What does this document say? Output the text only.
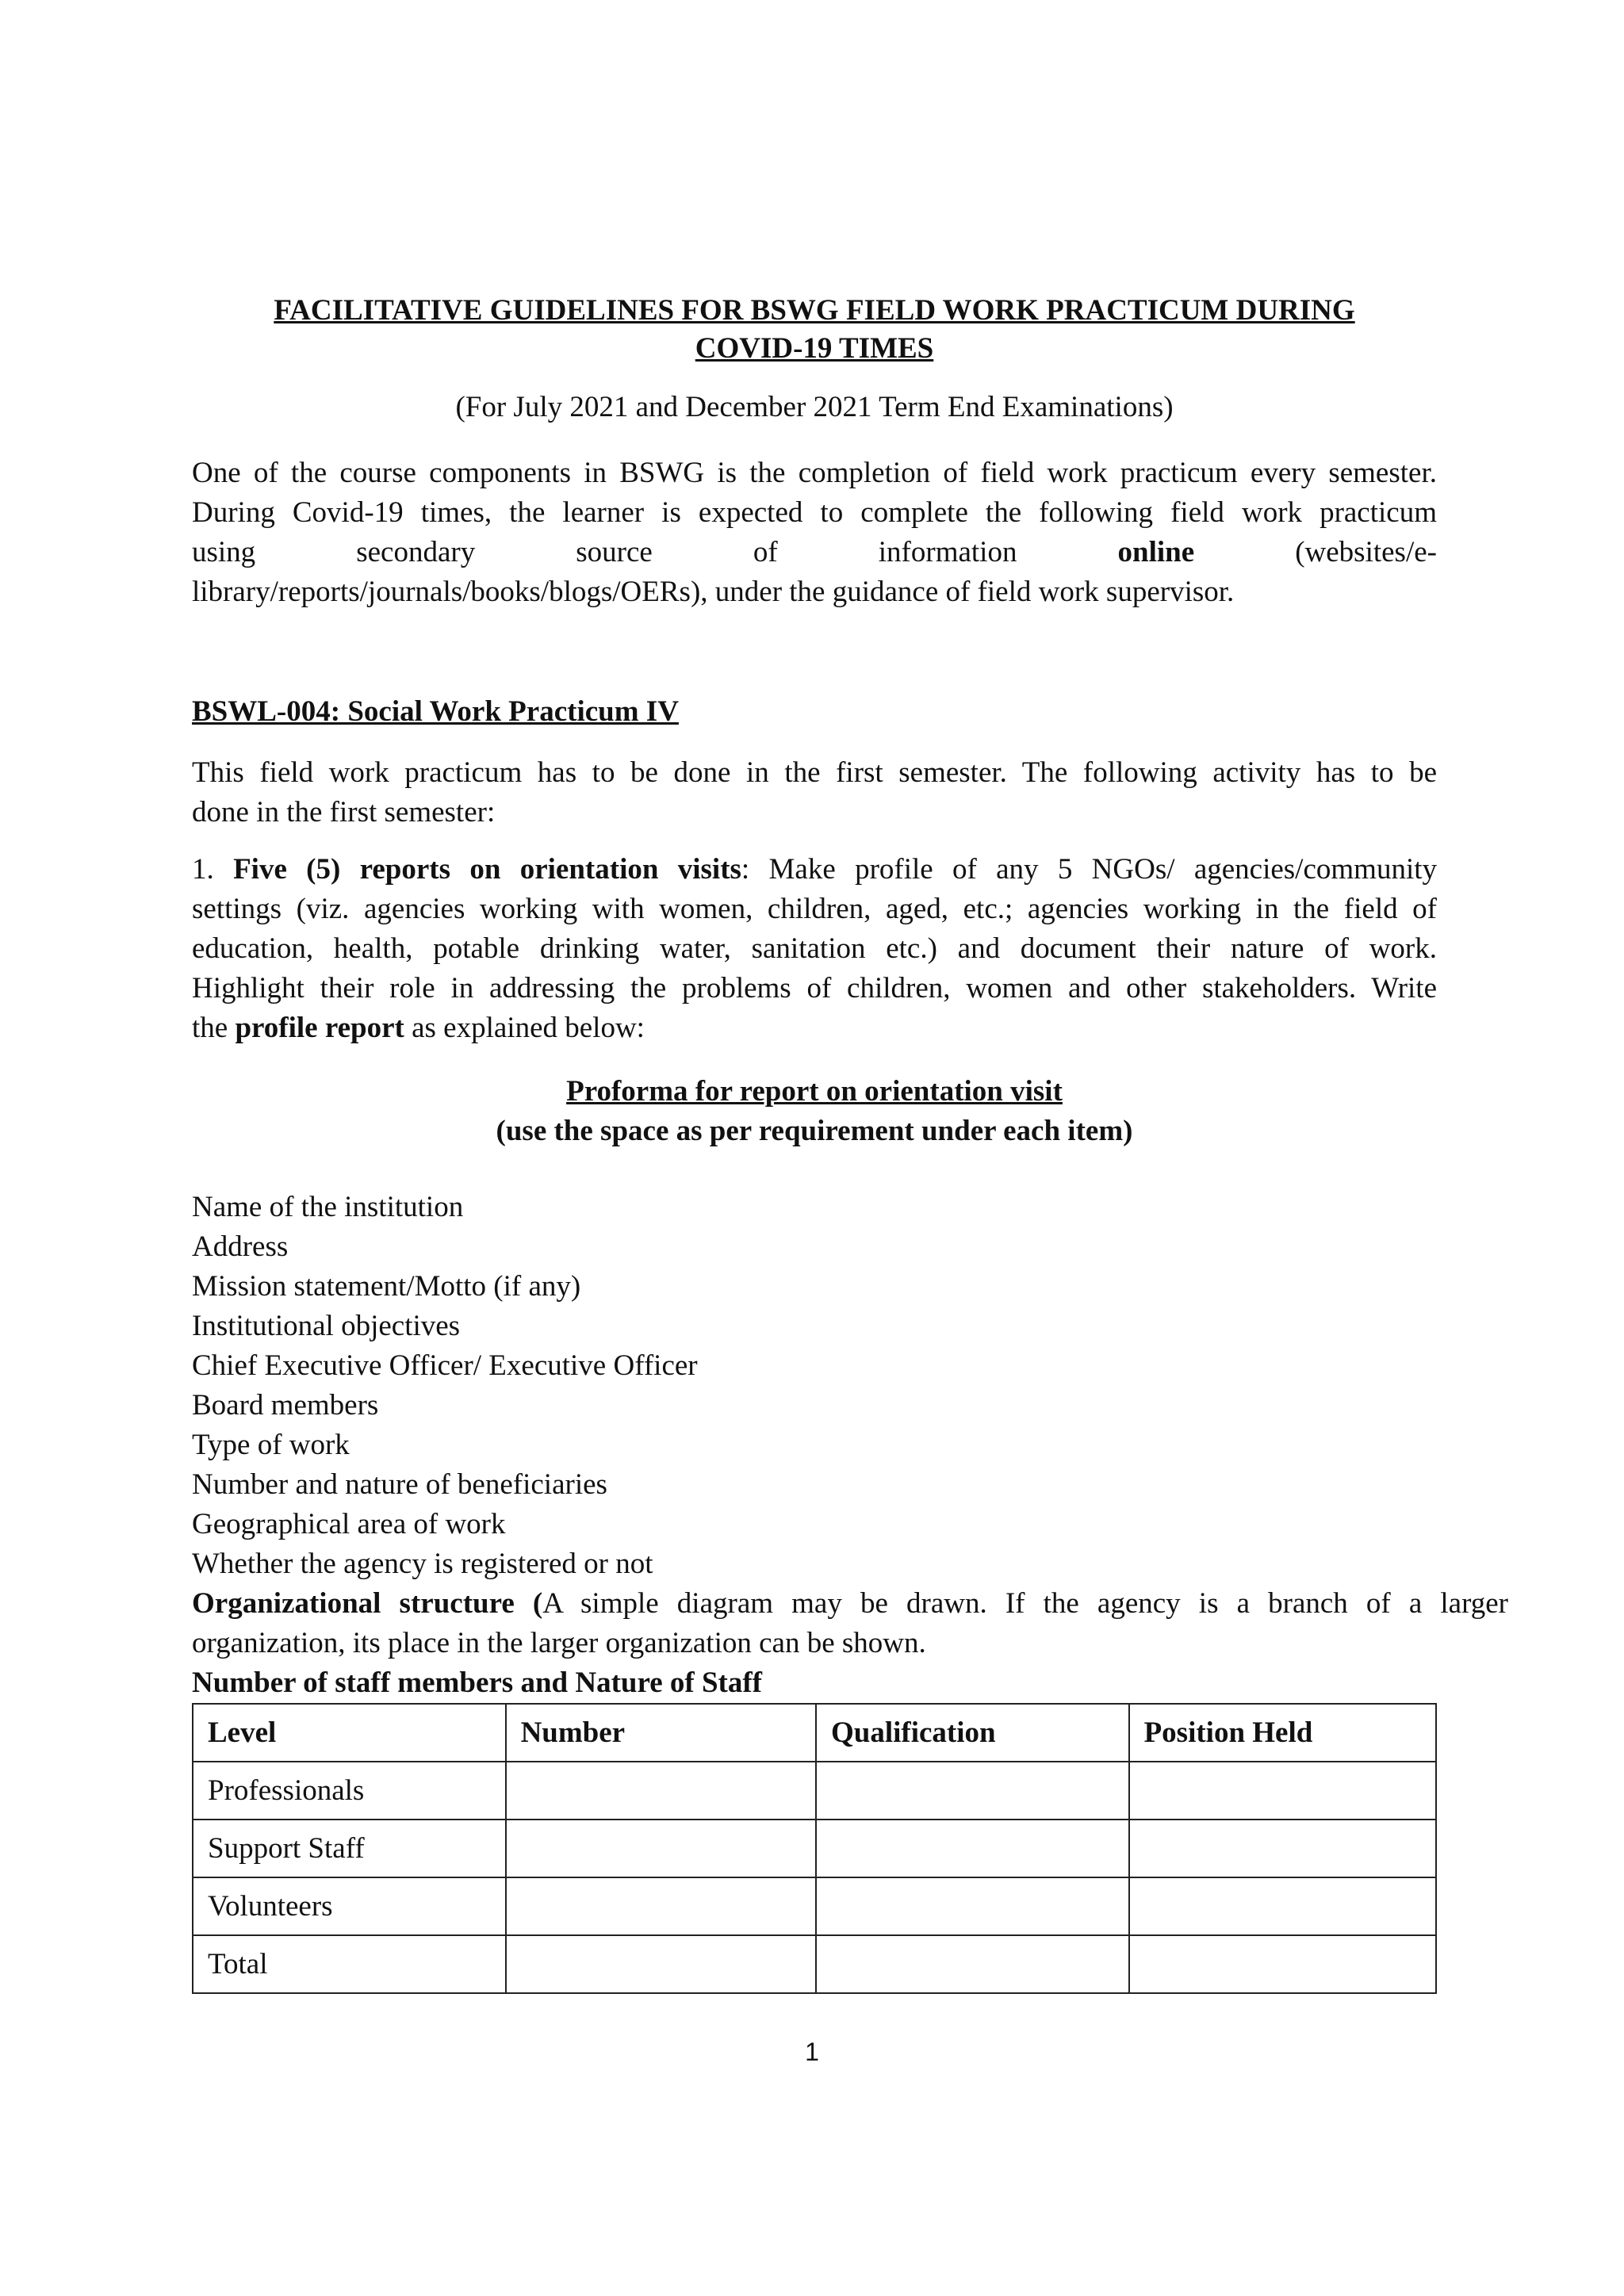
FACILITATIVE GUIDELINES FOR BSWG FIELD WORK PRACTICUM DURING
COVID-19 TIMES
(For July 2021 and December 2021 Term End Examinations)
One of the course components in BSWG is the completion of field work practicum every semester.
During Covid-19 times, the learner is expected to complete the following field work practicum
using secondary source of information online (websites/e-
library/reports/journals/books/blogs/OERs), under the guidance of field work supervisor.
BSWL-004: Social Work Practicum IV
This field work practicum has to be done in the first semester. The following activity has to be
done in the first semester:
1. Five (5) reports on orientation visits: Make profile of any 5 NGOs/ agencies/community
settings (viz. agencies working with women, children, aged, etc.; agencies working in the field of
education, health, potable drinking water, sanitation etc.) and document their nature of work.
Highlight their role in addressing the problems of children, women and other stakeholders. Write
the profile report as explained below:
Proforma for report on orientation visit
(use the space as per requirement under each item)
Name of the institution
Address
Mission statement/Motto (if any)
Institutional objectives
Chief Executive Officer/ Executive Officer
Board members
Type of work
Number and nature of beneficiaries
Geographical area of work
Whether the agency is registered or not
Organizational structure (A simple diagram may be drawn. If the agency is a branch of a larger
organization, its place in the larger organization can be shown.
Number of staff members and Nature of Staff
Level	Number	Qualification	Position Held
Professionals			
Support Staff			
Volunteers			
Total			
1
